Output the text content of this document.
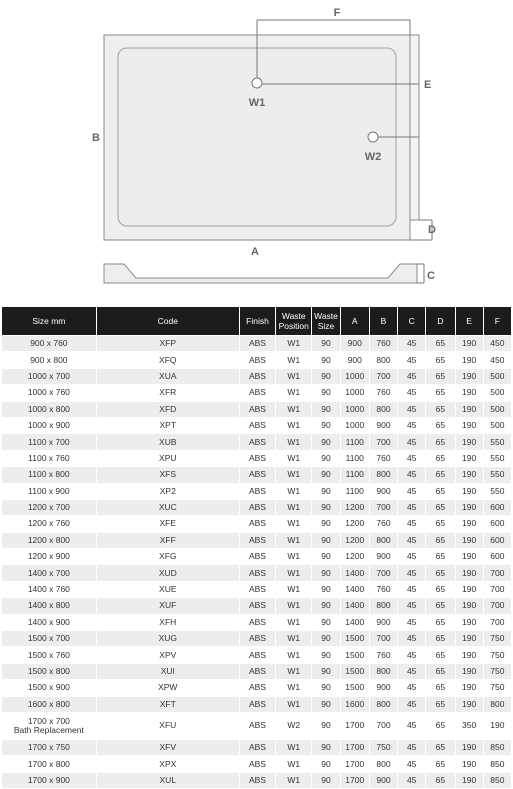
F
E
W1
W2
D
A
B
C
Size mm	Code	Finish	Waste Position	Waste Size	A	B	C	D	E	F
900 x 760	XFP	ABS	W1	90	900	760	45	65	190	450
900 x 800	XFQ	ABS	W1	90	900	800	45	65	190	450
1000 x 700	XUA	ABS	W1	90	1000	700	45	65	190	500
1000 x 760	XFR	ABS	W1	90	1000	760	45	65	190	500
1000 x 800	XFD	ABS	W1	90	1000	800	45	65	190	500
1000 x 900	XPT	ABS	W1	90	1000	900	45	65	190	500
1100 x 700	XUB	ABS	W1	90	1100	700	45	65	190	550
1100 x 760	XPU	ABS	W1	90	1100	760	45	65	190	550
1100 x 800	XFS	ABS	W1	90	1100	800	45	65	190	550
1100 x 900	XP2	ABS	W1	90	1100	900	45	65	190	550
1200 x 700	XUC	ABS	W1	90	1200	700	45	65	190	600
1200 x 760	XFE	ABS	W1	90	1200	760	45	65	190	600
1200 x 800	XFF	ABS	W1	90	1200	800	45	65	190	600
1200 x 900	XFG	ABS	W1	90	1200	900	45	65	190	600
1400 x 700	XUD	ABS	W1	90	1400	700	45	65	190	700
1400 x 760	XUE	ABS	W1	90	1400	760	45	65	190	700
1400 x 800	XUF	ABS	W1	90	1400	800	45	65	190	700
1400 x 900	XFH	ABS	W1	90	1400	900	45	65	190	700
1500 x 700	XUG	ABS	W1	90	1500	700	45	65	190	750
1500 x 760	XPV	ABS	W1	90	1500	760	45	65	190	750
1500 x 800	XUI	ABS	W1	90	1500	800	45	65	190	750
1500 x 900	XPW	ABS	W1	90	1500	900	45	65	190	750
1600 x 800	XFT	ABS	W1	90	1600	800	45	65	190	800

1700 x 700
Bath Replacement	XFU	ABS	W2	90	1700	700	45	65	350	190
1700 x 750	XFV	ABS	W1	90	1700	750	45	65	190	850
1700 x 800	XPX	ABS	W1	90	1700	800	45	65	190	850
1700 x 900	XUL	ABS	W1	90	1700	900	45	65	190	850
